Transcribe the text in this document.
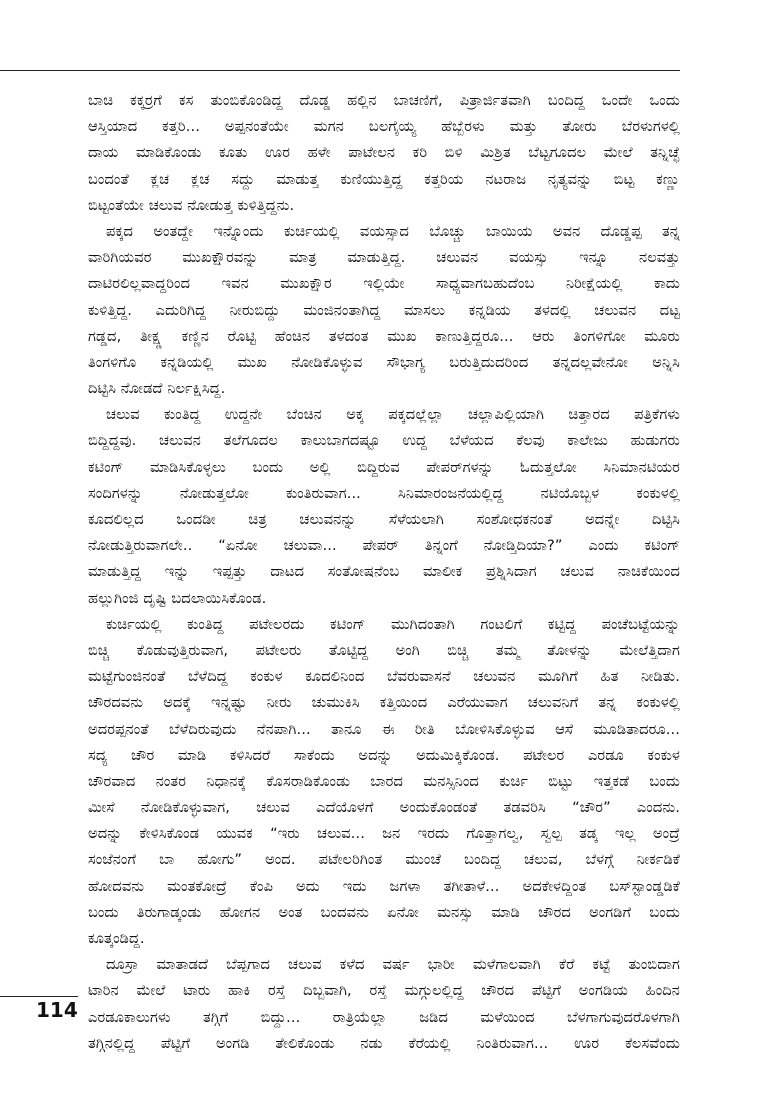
ಬಾಚಿ ಕಕ್ಕರ್ರಗೆ ಕಸ ತುಂಬಿಕೊಂಡಿದ್ದ ದೊಡ್ಡ ಹಲ್ಲಿನ ಬಾಚಣಿಗೆ, ಪಿತ್ರಾರ್ಜಿತವಾಗಿ ಬಂದಿದ್ದ ಒಂದೇ ಒಂದು
ಆಸ್ತಿಯಾದ ಕತ್ತರಿ... ಅಪ್ಪನಂತೆಯೇ ಮಗನ ಬಲಗೈಯ್ಯ ಹೆಬ್ಬೆರಳು ಮತ್ತು ತೋರು ಬೆರಳುಗಳಲ್ಲಿ
ದಾಯ ಮಾಡಿಕೊಂಡು ಕೂತು ಊರ ಹಳೇ ಪಾಟೇಲನ ಕರಿ ಬಿಳಿ ಮಿಶ್ರಿತ ಬೆಟ್ಟಗೂದಲ ಮೇಲೆ ತನ್ನಿಚ್ಛೆ
ಬಂದಂತೆ ಕ್ಲಚ ಕ್ಲಚ ಸದ್ದು ಮಾಡುತ್ತ ಕುಣಿಯುತ್ತಿದ್ದ ಕತ್ತರಿಯ ನಟರಾಜ ನೃತ್ಯವನ್ನು ಬಿಟ್ಟ ಕಣ್ಣು
ಬಿಟ್ಟಂತೆಯೇ ಚಲುವ ನೋಡುತ್ತ ಕುಳಿತ್ತಿದ್ದನು.
ಪಕ್ಕದ ಅಂತದ್ದೇ ಇನ್ನೊಂದು ಕುರ್ಚಿಯಲ್ಲಿ ವಯಸ್ಸಾದ ಬೊಚ್ಚು ಬಾಯಿಯ ಅವನ ದೊಡ್ಡಪ್ಪ ತನ್ನ
ವಾರಿಗಿಯವರ ಮುಖಕ್ಷೌರವನ್ನು ಮಾತ್ರ ಮಾಡುತ್ತಿದ್ದ. ಚಲುವನ ವಯಸ್ಸು ಇನ್ನೂ ನಲವತ್ತು
ದಾಟಿರಲಿಲ್ಲವಾದ್ದರಿಂದ ಇವನ ಮುಖಕ್ಷೌರ ಇಲ್ಲಿಯೇ ಸಾಧ್ಯವಾಗಬಹುದೆಂಬ ನಿರೀಕ್ಷೆಯಲ್ಲಿ ಕಾದು
ಕುಳಿತ್ತಿದ್ದ. ಎದುರಿಗಿದ್ದ ನೀರುಬಿದ್ದು ಮಂಜಿನಂತಾಗಿದ್ದ ಮಾಸಲು ಕನ್ನಡಿಯ ತಳದಲ್ಲಿ ಚಲುವನ ದಟ್ಟ
ಗಡ್ಡದ, ತೀಕ್ಷ್ಣ ಕಣ್ಣಿನ ರೊಟ್ಟಿ ಹೆಂಚಿನ ತಳದಂತ ಮುಖ ಕಾಣುತ್ತಿದ್ದರೂ... ಆರು ತಿಂಗಳಿಗೋ ಮೂರು
ತಿಂಗಳಿಗೊ ಕನ್ನಡಿಯಲ್ಲಿ ಮುಖ ನೋಡಿಕೊಳ್ಳುವ ಸೌಭಾಗ್ಯ ಬರುತ್ತಿದುದರಿಂದ ತನ್ನದಲ್ಲವೇನೋ ಅನ್ನಿಸಿ
ದಿಟ್ಟಿಸಿ ನೋಡದೆ ನಿರ್ಲಕ್ಷಿಸಿದ್ದ.
ಚಲುವ ಕುಂತಿದ್ದ ಉದ್ದನೇ ಬೆಂಚಿನ ಅಕ್ಕ ಪಕ್ಕದಲ್ಲೆಲ್ಲಾ ಚಲ್ಲಾಪಿಲ್ಲಿಯಾಗಿ ಚಿತ್ತಾರದ ಪತ್ರಿಕೆಗಳು
ಬಿದ್ದಿದ್ದವು. ಚಲುವನ ತಲೆಗೂದಲ ಕಾಲುಬಾಗದಷ್ಟೂ ಉದ್ದ ಬೆಳೆಯದ ಕೆಲವು ಕಾಲೇಜು ಹುಡುಗರು
ಕಟಿಂಗ್ ಮಾಡಿಸಿಕೊಳ್ಳಲು ಬಂದು ಅಲ್ಲಿ ಬಿದ್ದಿರುವ ಪೇಪರ್‌ಗಳನ್ನು ಓದುತ್ತಲೋ ಸಿನಿಮಾನಟಿಯರ
ಸಂದಿಗಳನ್ನು ನೋಡುತ್ತಲೋ ಕುಂತಿರುವಾಗ... ಸಿನಿಮಾರಂಜನೆಯಲ್ಲಿದ್ದ ನಟಿಯೊಬ್ಬಳ ಕಂಕುಳಲ್ಲಿ
ಕೂದಲಿಲ್ಲದ ಒಂದಡೀ ಚಿತ್ರ ಚಲುವನನ್ನು ಸೆಳೆಯಲಾಗಿ ಸಂಶೋಧಕನಂತೆ ಅದನ್ನೇ ದಿಟ್ಟಿಸಿ
ನೋಡುತ್ತಿರುವಾಗಲೇ.. “ಏನೋ ಚಲುವಾ... ಪೇಪರ್ ತಿನ್ನಂಗೆ ನೋಡ್ತಿದಿಯಾ?” ಎಂದು ಕಟಿಂಗ್
ಮಾಡುತ್ತಿದ್ದ ಇನ್ನು ಇಪ್ಪತ್ತು ದಾಟದ ಸಂತೋಷನೆಂಬ ಮಾಲೀಕ ಪ್ರಶ್ನಿಸಿದಾಗ ಚಲುವ ನಾಚಿಕೆಯಿಂದ
ಹಲ್ಲುಗಿಂಜಿ ದೃಷ್ಟಿ ಬದಲಾಯಿಸಿಕೊಂಡ.
ಕುರ್ಚಿಯಲ್ಲಿ ಕುಂತಿದ್ದ ಪಟೇಲರದು ಕಟಿಂಗ್ ಮುಗಿದಂತಾಗಿ ಗಂಟಲಿಗೆ ಕಟ್ಟಿದ್ದ ಪಂಚೆಬಟ್ಟೆಯನ್ನು
ಬಿಚ್ಚಿ ಕೊಡುವುತ್ತಿರುವಾಗ, ಪಟೇಲರು ತೊಟ್ಟಿದ್ದ ಅಂಗಿ ಬಿಚ್ಚಿ ತಮ್ಮ ತೋಳನ್ನು ಮೇಲೆತ್ತಿದಾಗ
ಮಟ್ಟೆಗುಂಜಿನಂತೆ ಬೆಳೆದಿದ್ದ ಕಂಕುಳ ಕೂದಲಿನಿಂದ ಬೆವರುವಾಸನೆ ಚಲುವನ ಮೂಗಿಗೆ ಹಿತ ನೀಡಿತು.
ಚೌರದವನು ಅದಕ್ಕೆ ಇನ್ನಷ್ಟು ನೀರು ಚುಮುಕಿಸಿ ಕತ್ತಿಯಿಂದ ಎರೆಯುವಾಗ ಚಲುವನಿಗೆ ತನ್ನ ಕಂಕುಳಲ್ಲಿ
ಅದರಪ್ಪನಂತೆ ಬೆಳೆದಿರುವುದು ನೆನಪಾಗಿ... ತಾನೂ ಈ ರೀತಿ ಬೋಳಿಸಿಕೊಳ್ಳುವ ಆಸೆ ಮೂಡಿತಾದರೂ...
ಸದ್ಯ ಚೌರ ಮಾಡಿ ಕಳಿಸಿದರೆ ಸಾಕೆಂದು ಅದನ್ನು ಅದುಮಿಕ್ಕಿಕೊಂಡ. ಪಟೇಲರ ಎರಡೂ ಕಂಕುಳ
ಚೌರವಾದ ನಂತರ ನಿಧಾನಕ್ಕೆ ಕೊಸರಾಡಿಕೊಂಡು ಬಾರದ ಮನಸ್ಸಿನಿಂದ ಕುರ್ಚಿ ಬಿಟ್ಟು ಇತ್ತಕಡೆ ಬಂದು
ಮೀಸೆ ನೋಡಿಕೊಳ್ಳುವಾಗ, ಚಲುವ ಎದೆಯೊಳಗೆ ಅಂದುಕೊಂಡಂತೆ ತಡವರಿಸಿ “ಚೌರ” ಎಂದನು.
ಅದನ್ನು ಕೇಳಿಸಿಕೊಂಡ ಯುವಕ “ಇರು ಚಲುವ... ಜನ ಇರದು ಗೊತ್ತಾಗಲ್ವ, ಸ್ವಲ್ಪ ತಡ್ಕ ಇಲ್ಲ ಅಂದ್ರೆ
ಸಂಜೆನಂಗೆ ಬಾ ಹೋಗು” ಅಂದ. ಪಟೇಲರಿಗಿಂತ ಮುಂಚೆ ಬಂದಿದ್ದ ಚಲುವ, ಬೆಳಗ್ಗೆ ನೀರ್ಕಡಿಕೆ
ಹೋದವನು ಮಂತಕೋದ್ರೆ ಕೆಂಪಿ ಅದು ಇದು ಜಗಳಾ ತಗೀತಾಳೆ... ಅದಕೇಳದ್ದಿಂತ ಬಸ್‌ಸ್ಟಾಂಡ್ಡಡಿಕೆ
ಬಂದು ತಿರುಗಾಡ್ಕಂಡು ಹೋಗನ ಅಂತ ಬಂದವನು ಏನೋ ಮನಸ್ಸು ಮಾಡಿ ಚೌರದ ಅಂಗಡಿಗೆ ಬಂದು
ಕೂತ್ಕಂಡಿದ್ದ.
ದೂಸ್ರಾ ಮಾತಾಡದೆ ಬೆಪ್ಪಗಾದ ಚಲುವ ಕಳೆದ ವರ್ಷ ಭಾರೀ ಮಳೆಗಾಲವಾಗಿ ಕೆರೆ ಕಟ್ಟೆ ತುಂಬಿದಾಗ
ಟಾರಿನ ಮೇಲೆ ಟಾರು ಹಾಕಿ ರಸ್ತೆ ದಿಬ್ಬವಾಗಿ, ರಸ್ತೆ ಮಗ್ಗುಲಲ್ಲಿದ್ದ ಚೌರದ ಪೆಟ್ಟಿಗೆ ಅಂಗಡಿಯ ಹಿಂದಿನ
ಎರಡೂಕಾಲುಗಳು ತಗ್ಗಿಗೆ ಬಿದ್ದು... ರಾತ್ರಿಯೆಲ್ಲಾ ಜಡಿದ ಮಳೆಯಿಂದ ಬೆಳಗಾಗುವುದರೊಳಗಾಗಿ
ತಗ್ಗಿನಲ್ಲಿದ್ದ ಪೆಟ್ಟಿಗೆ ಅಂಗಡಿ ತೇಲಿಕೊಂಡು ನಡು ಕೆರೆಯಲ್ಲಿ ನಿಂತಿರುವಾಗ... ಊರ ಕೆಲಸವೆಂದು
114
